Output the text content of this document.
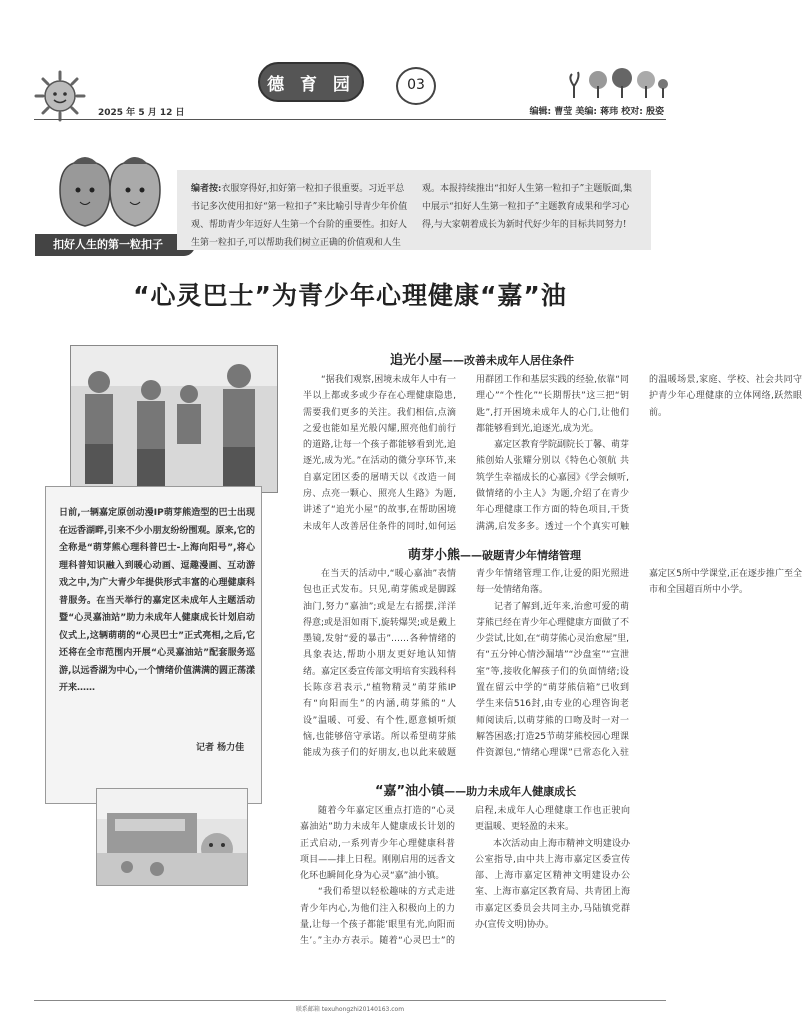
2025 年 5 月 12 日
德 育 园	03
编辑: 曹莹 美编: 蒋玮 校对: 殷姿
扣好人生的第一粒扣子
编者按:衣服穿得好,扣好第一粒扣子很重要。习近平总书记多次使用扣好“第一粒扣子”来比喻引导青少年价值观、帮助青少年迈好人生第一个台阶的重要性。扣好人生第一粒扣子,可以帮助我们树立正确的价值观和人生观。本报持续推出“扣好人生第一粒扣子”主题版面,集中展示“扣好人生第一粒扣子”主题教育成果和学习心得,与大家朝着成长为新时代好少年的目标共同努力!
“心灵巴士”为青少年心理健康“嘉”油
日前,一辆嘉定原创动漫IP萌芽熊造型的巴士出现在远香湖畔,引来不少小朋友纷纷围观。原来,它的全称是“萌芽熊心理科普巴士-上海向阳号”,将心理科普知识融入到暖心动画、逗趣漫画、互动游戏之中,为广大青少年提供形式丰富的心理健康科普服务。在当天举行的嘉定区未成年人主题活动暨“心灵嘉油站”助力未成年人健康成长计划启动仪式上,这辆萌萌的“心灵巴士”正式亮相,之后,它还将在全市范围内开展“心灵嘉油站”配套服务巡游,以远香湖为中心,一个情绪价值满满的圆正荡漾开来……
记者 杨力佳
追光小屋——改善未成年人居住条件

“据我们观察,困境未成年人中有一半以上都或多或少存在心理健康隐患,需要我们更多的关注。我们相信,点滴之爱也能如星光般闪耀,照亮他们前行的道路,让每一个孩子都能够看到光,追逐光,成为光。”在活动的微分享环节,来自嘉定团区委的屠晴天以《改造一间房、点亮一颗心、照亮人生路》为题,讲述了“追光小屋”的故事,在帮助困境未成年人改善居住条件的同时,如何运用群团工作和基层实践的经验,依靠“同理心”“个性化”“长期帮扶”这三把“钥匙”,打开困境未成年人的心门,让他们都能够看到光,追逐光,成为光。

嘉定区教育学院副院长丁馨、萌芽熊创始人张耀分别以《特色心领航 共筑学生幸福成长的心嘉园》《学会倾听,做情绪的小主人》为题,介绍了在青少年心理健康工作方面的特色项目,干货满满,启发多多。透过一个个真实可触的温暖场景,家庭、学校、社会共同守护青少年心理健康的立体网络,跃然眼前。

萌芽小熊——破题青少年情绪管理

在当天的活动中,“暖心嘉油”表情包也正式发布。只见,萌芽熊或是脚踩油门,努力“嘉油”;或是左右摇摆,洋洋得意;或是泪如雨下,旋转爆哭;或是戴上墨镜,发射“爱的暴击”……各种情绪的具象表达,帮助小朋友更好地认知情绪。嘉定区委宣传部文明培育实践科科长陈彦君表示,“植物精灵”萌芽熊IP有“向阳而生”的内涵,萌芽熊的“人设”温暖、可爱、有个性,愿意倾听烦恼,也能够倍守承诺。所以希望萌芽熊能成为孩子们的好朋友,也以此来破题青少年情绪管理工作,让爱的阳光照进每一处情绪角落。

记者了解到,近年来,治愈可爱的萌芽熊已经在青少年心理健康方面做了不少尝试,比如,在“萌芽熊心灵治愈屋”里,有“五分钟心情沙漏墙”“沙盘室”“宣泄室”等,接收化解孩子们的负面情绪;设置在留云中学的“萌芽熊信箱”已收到学生来信516封,由专业的心理咨询老师阅读后,以萌芽熊的口吻及时一对一解答困惑;打造25节萌芽熊校园心理课件资源包,“情绪心理课”已常态化入驻嘉定区5所中学课堂,正在逐步推广至全市和全国超百所中小学。

“嘉”油小镇——助力未成年人健康成长

随着今年嘉定区重点打造的“心灵嘉油站”助力未成年人健康成长计划的正式启动,一系列青少年心理健康科普项目——排上日程。刚刚启用的远香文化环也瞬间化身为心灵“嘉”油小镇。

“我们希望以轻松趣味的方式走进青少年内心,为他们注入积极向上的力量,让每一个孩子都能‘眼里有光,向阳而生’。”主办方表示。随着“心灵巴士”的启程,未成年人心理健康工作也正驶向更温暖、更轻盈的未来。

本次活动由上海市精神文明建设办公室指导,由中共上海市嘉定区委宣传部、上海市嘉定区精神文明建设办公室、上海市嘉定区教育局、共青团上海市嘉定区委员会共同主办,马陆镇党群办(宣传文明)协办。

联系邮箱 texuhongzhi20140163.com
